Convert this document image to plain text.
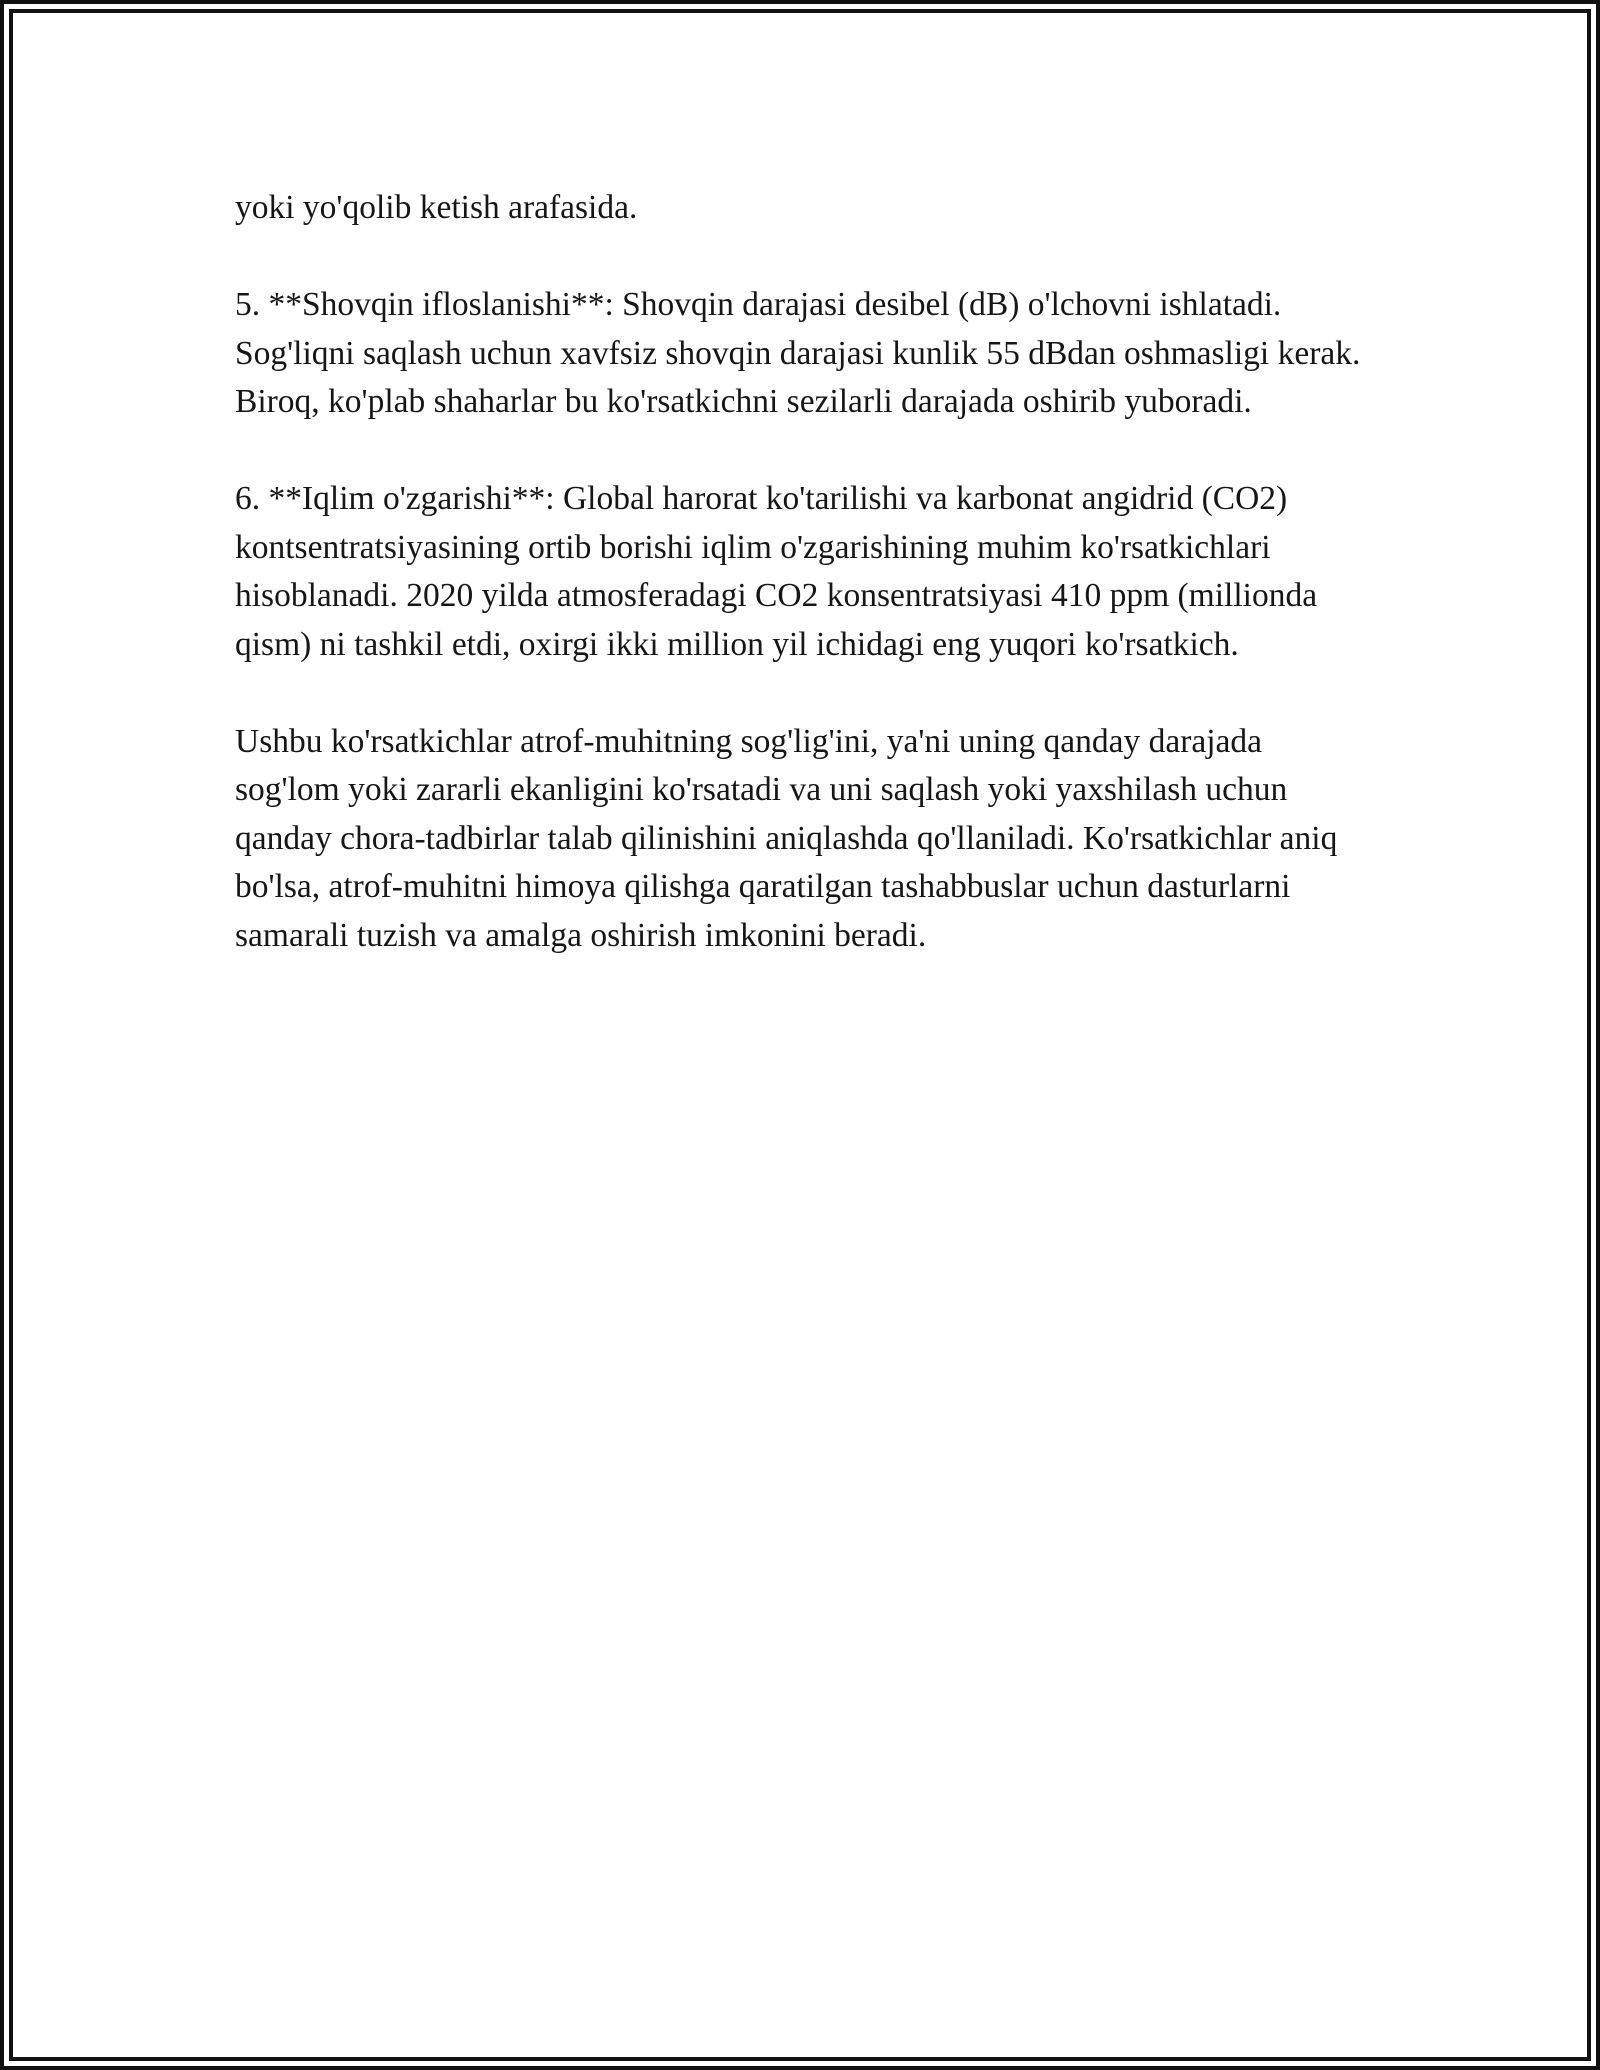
yoki yo'qolib ketish arafasida.

5. **Shovqin ifloslanishi**: Shovqin darajasi desibel (dB) o'lchovni ishlatadi. Sog'liqni saqlash uchun xavfsiz shovqin darajasi kunlik 55 dBdan oshmasligi kerak. Biroq, ko'plab shaharlar bu ko'rsatkichni sezilarli darajada oshirib yuboradi.

6. **Iqlim o'zgarishi**: Global harorat ko'tarilishi va karbonat angidrid (CO2) kontsentratsiyasining ortib borishi iqlim o'zgarishining muhim ko'rsatkichlari hisoblanadi. 2020 yilda atmosferadagi CO2 konsentratsiyasi 410 ppm (millionda qism) ni tashkil etdi, oxirgi ikki million yil ichidagi eng yuqori ko'rsatkich.

Ushbu ko'rsatkichlar atrof-muhitning sog'lig'ini, ya'ni uning qanday darajada sog'lom yoki zararli ekanligini ko'rsatadi va uni saqlash yoki yaxshilash uchun qanday chora-tadbirlar talab qilinishini aniqlashda qo'llaniladi. Ko'rsatkichlar aniq bo'lsa, atrof-muhitni himoya qilishga qaratilgan tashabbuslar uchun dasturlarni samarali tuzish va amalga oshirish imkonini beradi.
